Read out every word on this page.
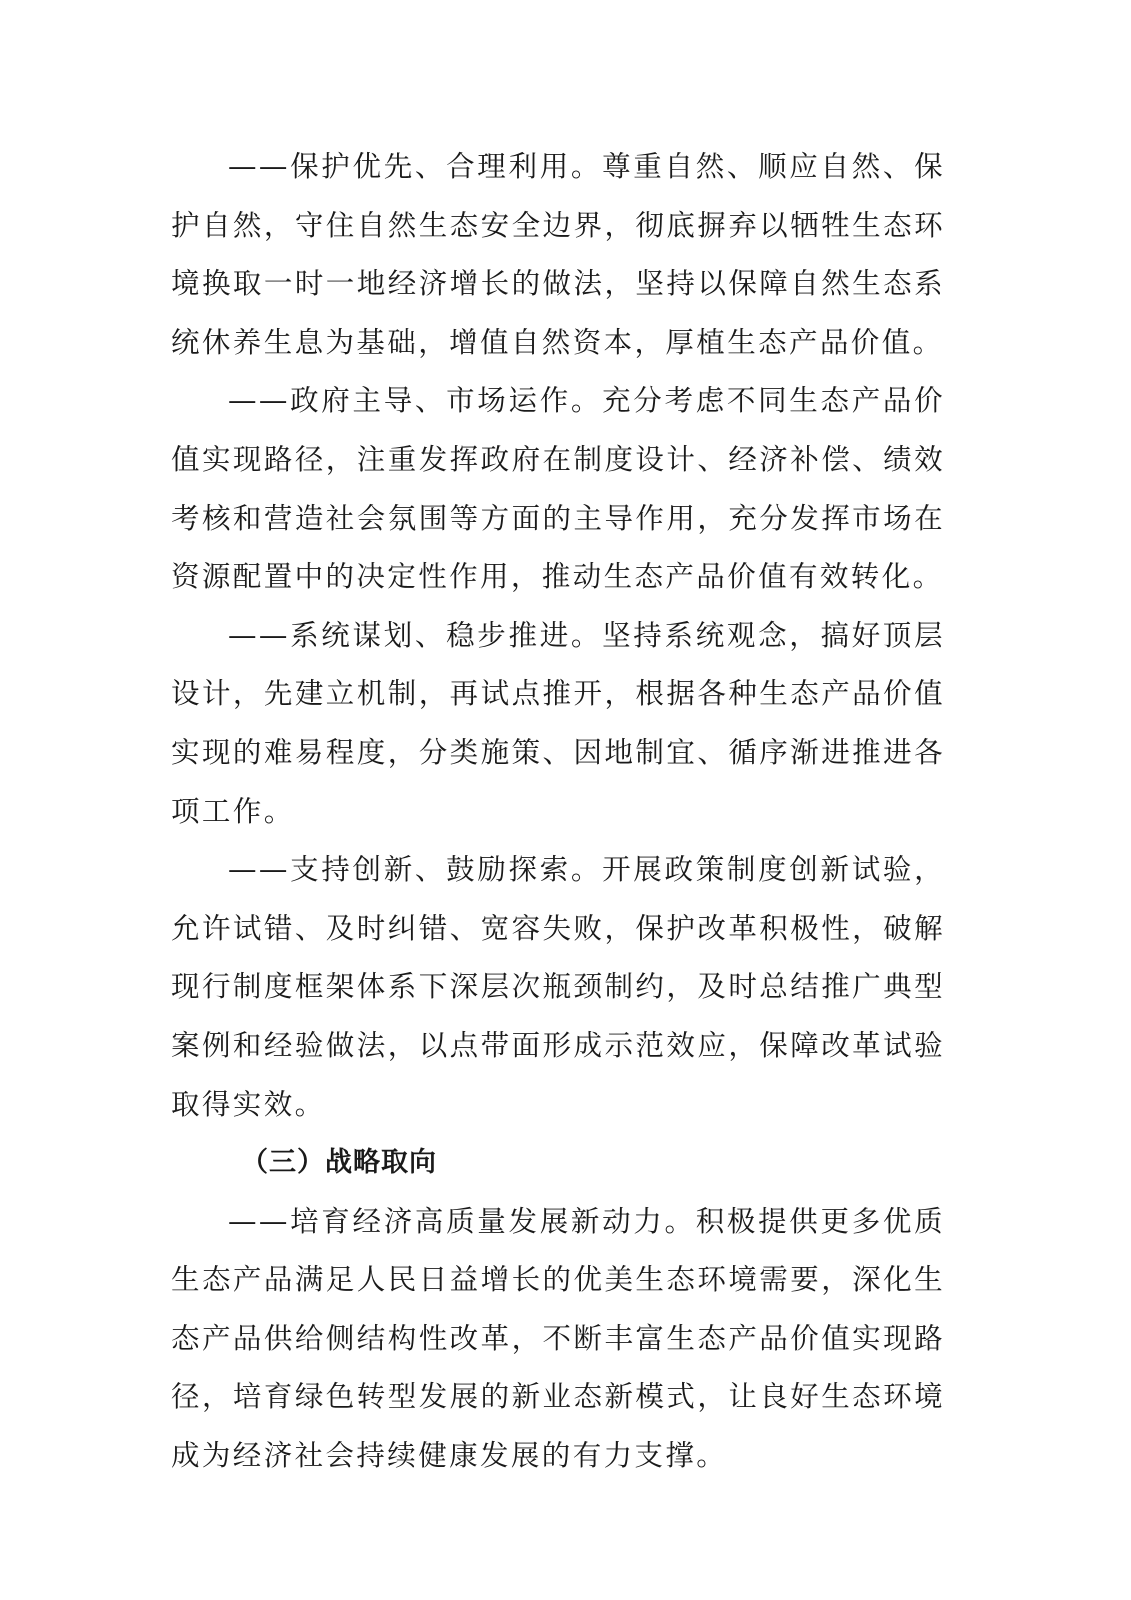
——保护优先、合理利用。尊重自然、顺应自然、保护自然，守住自然生态安全边界，彻底摒弃以牺牲生态环境换取一时一地经济增长的做法，坚持以保障自然生态系统休养生息为基础，增值自然资本，厚植生态产品价值。

——政府主导、市场运作。充分考虑不同生态产品价值实现路径，注重发挥政府在制度设计、经济补偿、绩效考核和营造社会氛围等方面的主导作用，充分发挥市场在资源配置中的决定性作用，推动生态产品价值有效转化。

——系统谋划、稳步推进。坚持系统观念，搞好顶层设计，先建立机制，再试点推开，根据各种生态产品价值实现的难易程度，分类施策、因地制宜、循序渐进推进各项工作。

——支持创新、鼓励探索。开展政策制度创新试验，允许试错、及时纠错、宽容失败，保护改革积极性，破解现行制度框架体系下深层次瓶颈制约，及时总结推广典型案例和经验做法，以点带面形成示范效应，保障改革试验取得实效。

（三）战略取向

——培育经济高质量发展新动力。积极提供更多优质生态产品满足人民日益增长的优美生态环境需要，深化生态产品供给侧结构性改革，不断丰富生态产品价值实现路径，培育绿色转型发展的新业态新模式，让良好生态环境成为经济社会持续健康发展的有力支撑。
